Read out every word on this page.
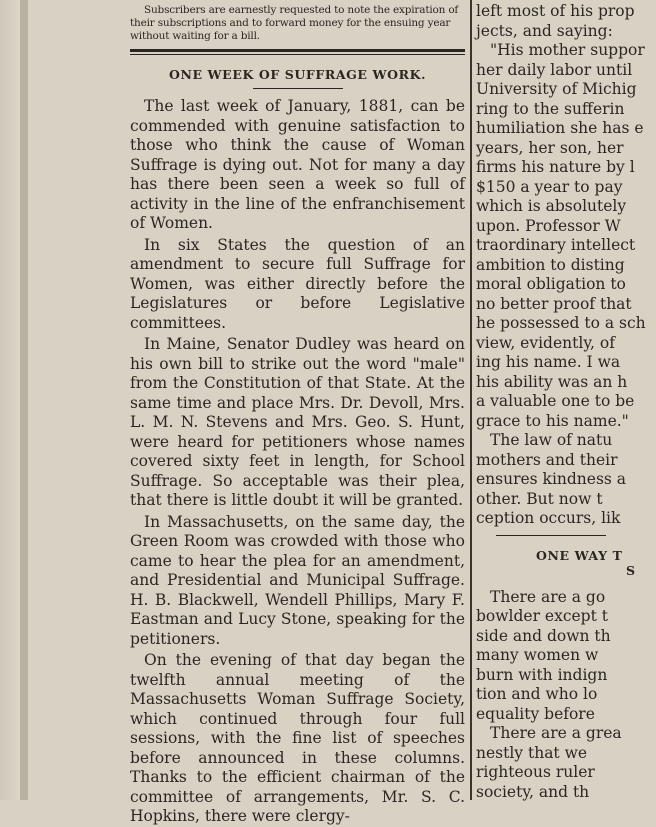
Subscribers are earnestly requested to note the expiration of their subscriptions and to forward money for the ensuing year without waiting for a bill.

ONE WEEK OF SUFFRAGE WORK.

The last week of January, 1881, can be commended with genuine satisfaction to those who think the cause of Woman Suffrage is dying out. Not for many a day has there been seen a week so full of activity in the line of the enfranchisement of Women.

In six States the question of an amendment to secure full Suffrage for Women, was either directly before the Legislatures or before Legislative committees.

In Maine, Senator Dudley was heard on his own bill to strike out the word "male" from the Constitution of that State. At the same time and place Mrs. Dr. Devoll, Mrs. L. M. N. Stevens and Mrs. Geo. S. Hunt, were heard for petitioners whose names covered sixty feet in length, for School Suffrage. So acceptable was their plea, that there is little doubt it will be granted.

In Massachusetts, on the same day, the Green Room was crowded with those who came to hear the plea for an amendment, and Presidential and Municipal Suffrage. H. B. Blackwell, Wendell Phillips, Mary F. Eastman and Lucy Stone, speaking for the petitioners.

On the evening of that day began the twelfth annual meeting of the Massachusetts Woman Suffrage Society, which continued through four full sessions, with the fine list of speeches before announced in these columns. Thanks to the efficient chairman of the committee of arrangements, Mr. S. C. Hopkins, there were clergy-

left most of his prop

jects, and saying:

"His mother suppor

her daily labor until

University of Michig

ring to the sufferin

humiliation she has e

years, her son, her

firms his nature by l

$150 a year to pay

which is absolutely

upon. Professor W

traordinary intellect

ambition to disting

moral obligation to

no better proof that

he possessed to a sch

view, evidently, of

ing his name. I wa

his ability was an h

a valuable one to be

grace to his name."

The law of natu

mothers and their

ensures kindness a

other. But now t

ception occurs, lik

ONE WAY T
S

There are a go

bowlder except t

side and down th

many women w

burn with indign

tion and who lo

equality before

There are a grea

nestly that we

righteous ruler

society, and th
